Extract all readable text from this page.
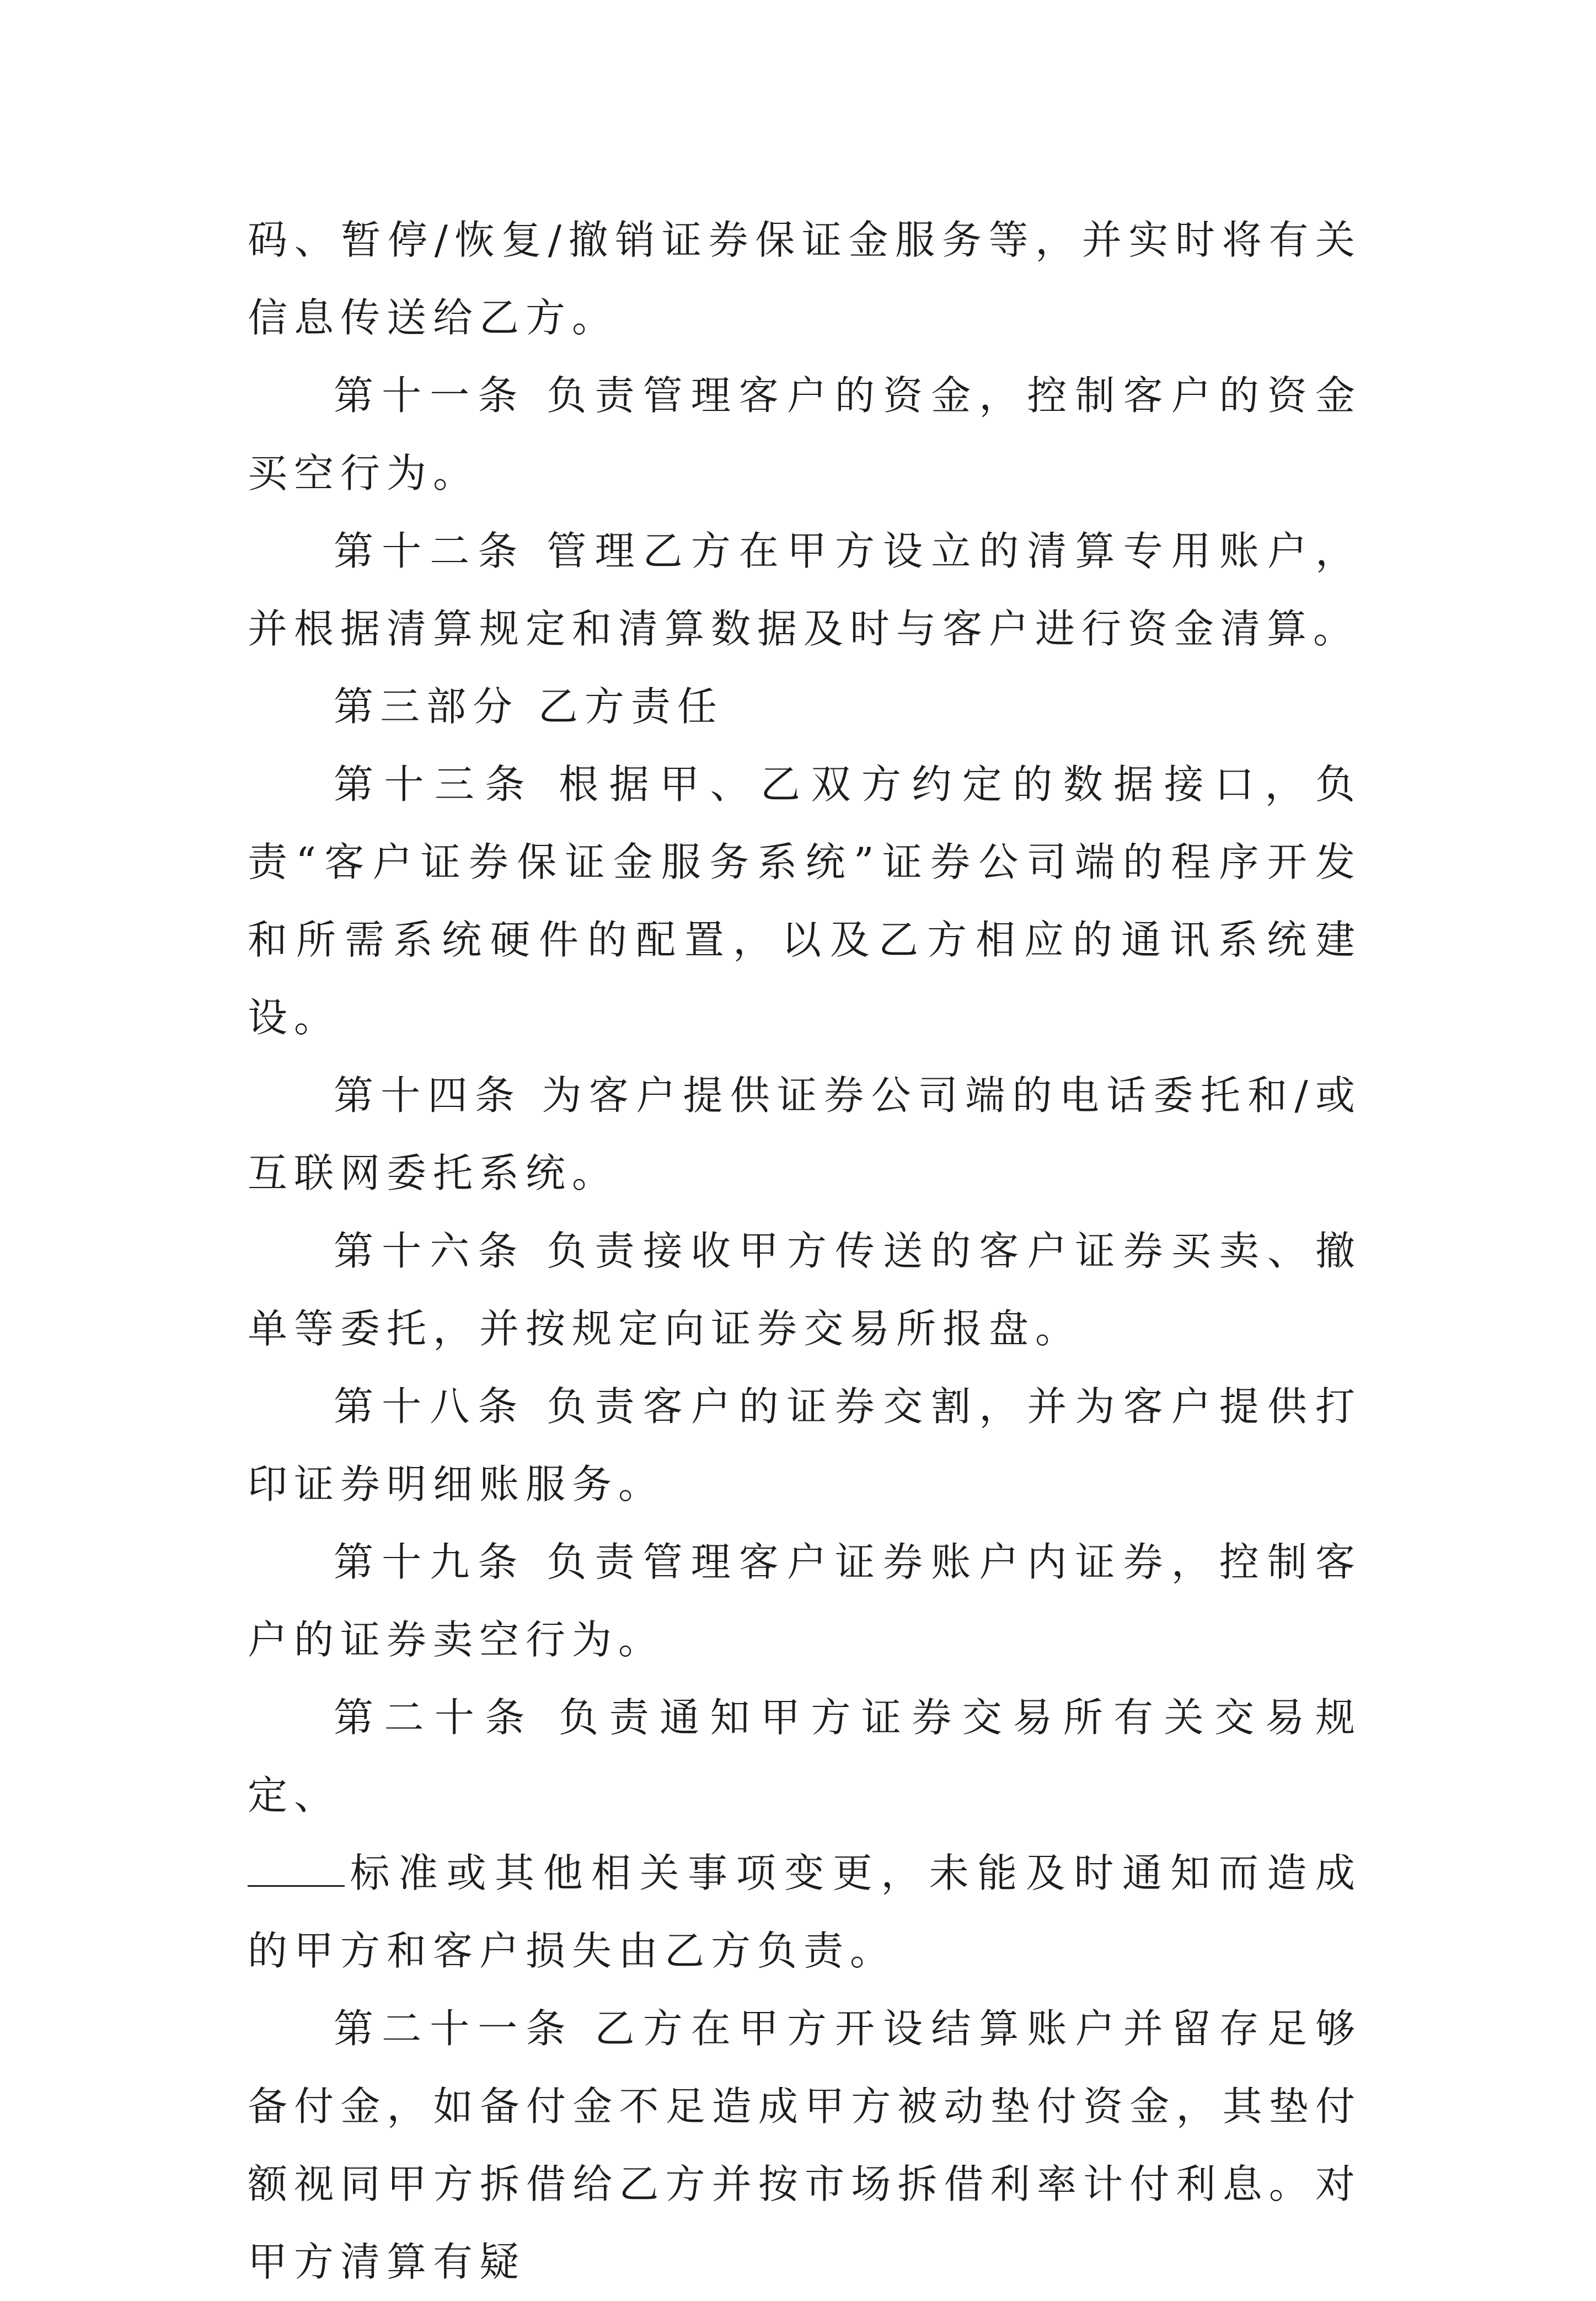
码、暂停/恢复/撤销证券保证金服务等，并实时将有关信息传送给乙方。

第十一条 负责管理客户的资金，控制客户的资金买空行为。

第十二条 管理乙方在甲方设立的清算专用账户，并根据清算规定和清算数据及时与客户进行资金清算。

第三部分 乙方责任

第十三条 根据甲、乙双方约定的数据接口，负责“客户证券保证金服务系统”证券公司端的程序开发和所需系统硬件的配置，以及乙方相应的通讯系统建设。

第十四条 为客户提供证券公司端的电话委托和/或互联网委托系统。

第十六条 负责接收甲方传送的客户证券买卖、撤单等委托，并按规定向证券交易所报盘。

第十八条 负责客户的证券交割，并为客户提供打印证券明细账服务。

第十九条 负责管理客户证券账户内证券，控制客户的证券卖空行为。

第二十条 负责通知甲方证券交易所有关交易规定、

标准或其他相关事项变更，未能及时通知而造成的甲方和客户损失由乙方负责。

第二十一条 乙方在甲方开设结算账户并留存足够备付金，如备付金不足造成甲方被动垫付资金，其垫付额视同甲方拆借给乙方并按市场拆借利率计付利息。对甲方清算有疑
